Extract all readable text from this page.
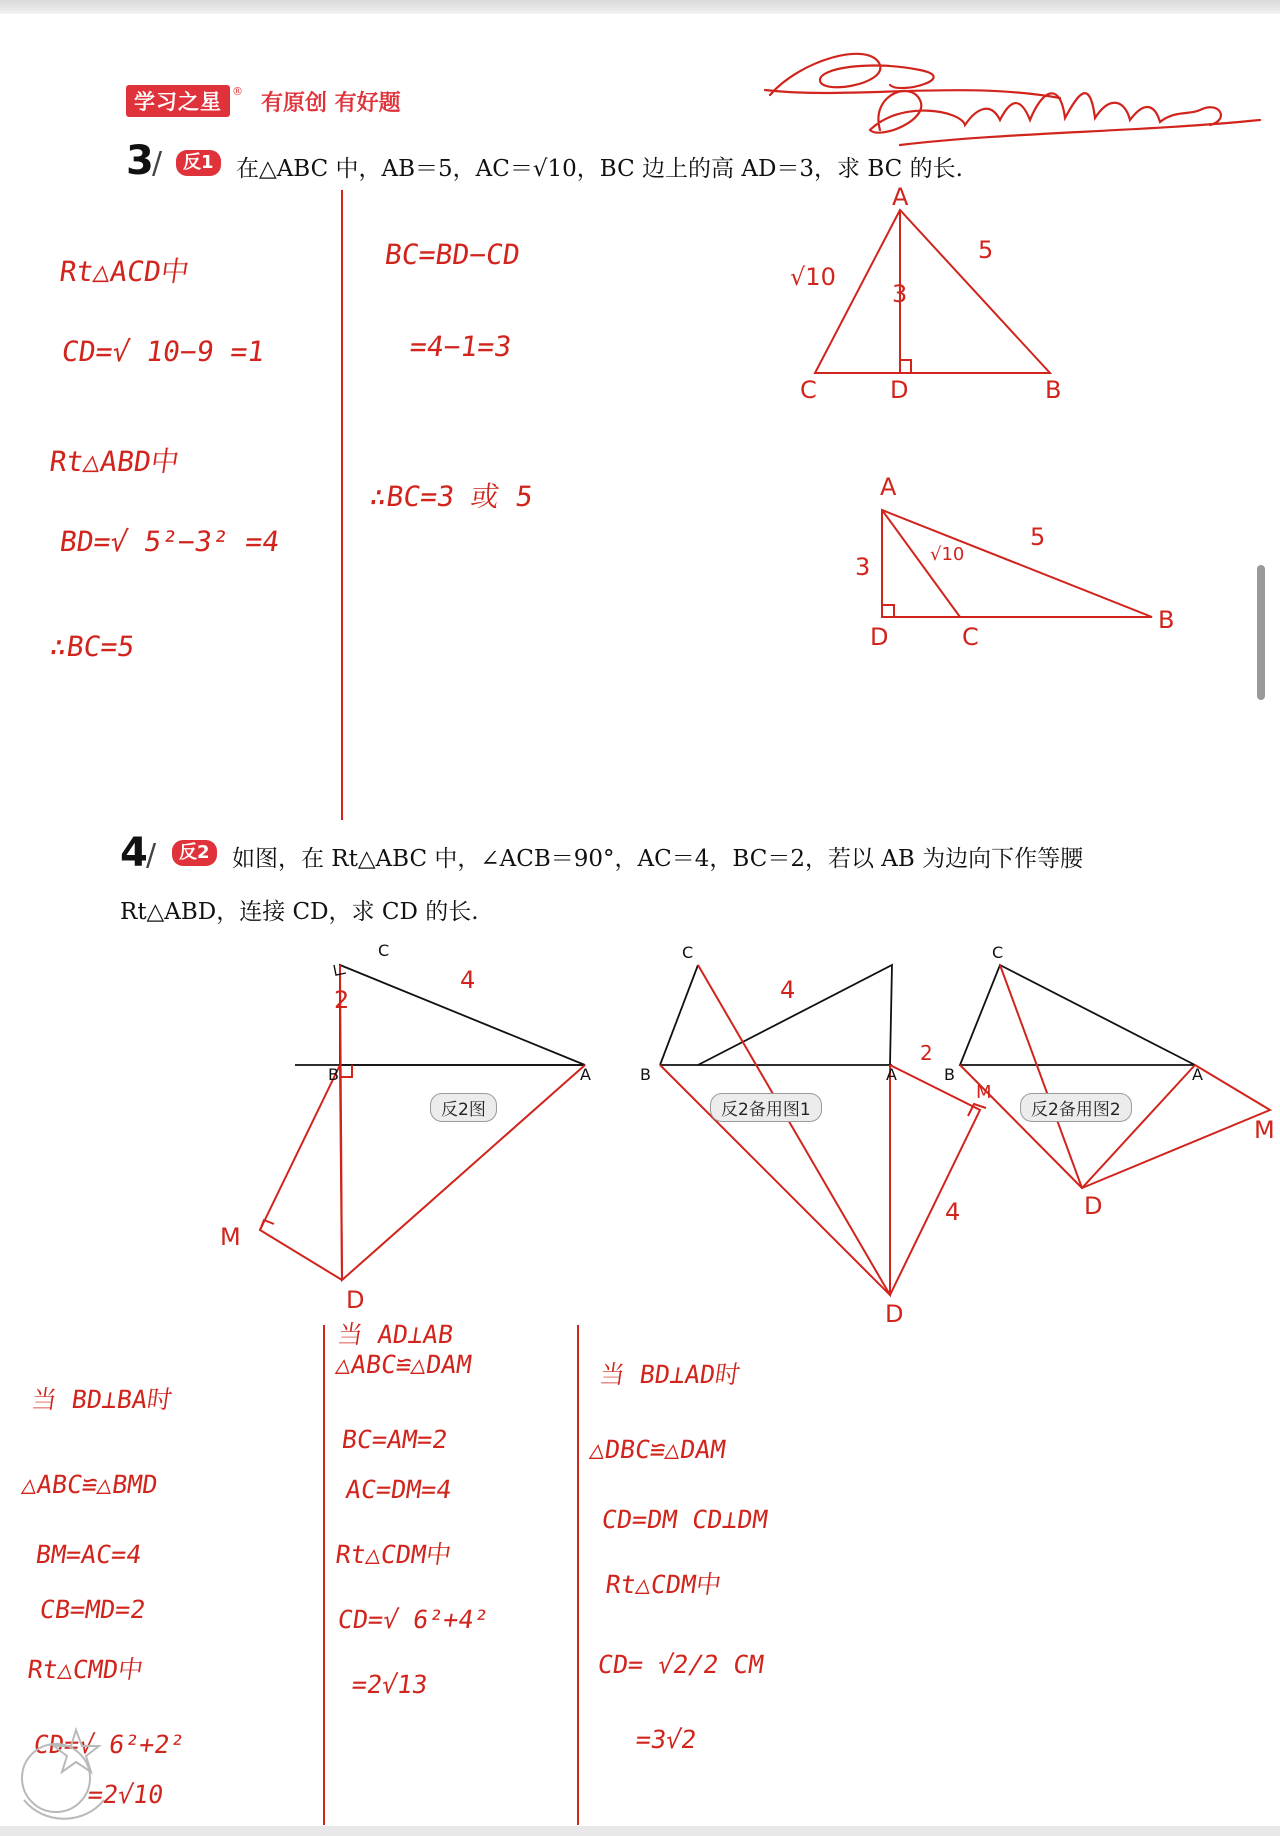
学习之星 ® 有原创 有好题
3
/	反1 在△ABC 中，AB＝5，AC＝√10，BC 边上的高 AD＝3，求 BC 的长.
Rt△ACD中
CD=√ 10−9 =1
Rt△ABD中
BD=√ 5²−3² =4
∴BC=5
BC=BD−CD
=4−1=3
∴BC=3 或 5
A
C	D	B
√10
5
3
A
D	C
B
3	√10
5
4
/	反2 如图，在 Rt△ABC 中，∠ACB＝90°，AC＝4，BC＝2，若以 AB 为边向下作等腰
Rt△ABD，连接 CD，求 CD 的长.
C
B	A
D
M
2
4
反2图
C
B	A
D
M
4
4
2
反2备用图1
C
B	A
D
M
反2备用图2
当 BD⊥BA时
△ABC≌△BMD
BM=AC=4
CB=MD=2
Rt△CMD中
CD=√ 6²+2²
=2√10
当 AD⊥AB
△ABC≌△DAM
BC=AM=2
AC=DM=4
Rt△CDM中
CD=√ 6²+4²
=2√13
当 BD⊥AD时
△DBC≌△DAM
CD=DM CD⊥DM
Rt△CDM中
CD= √2/2 CM
=3√2
